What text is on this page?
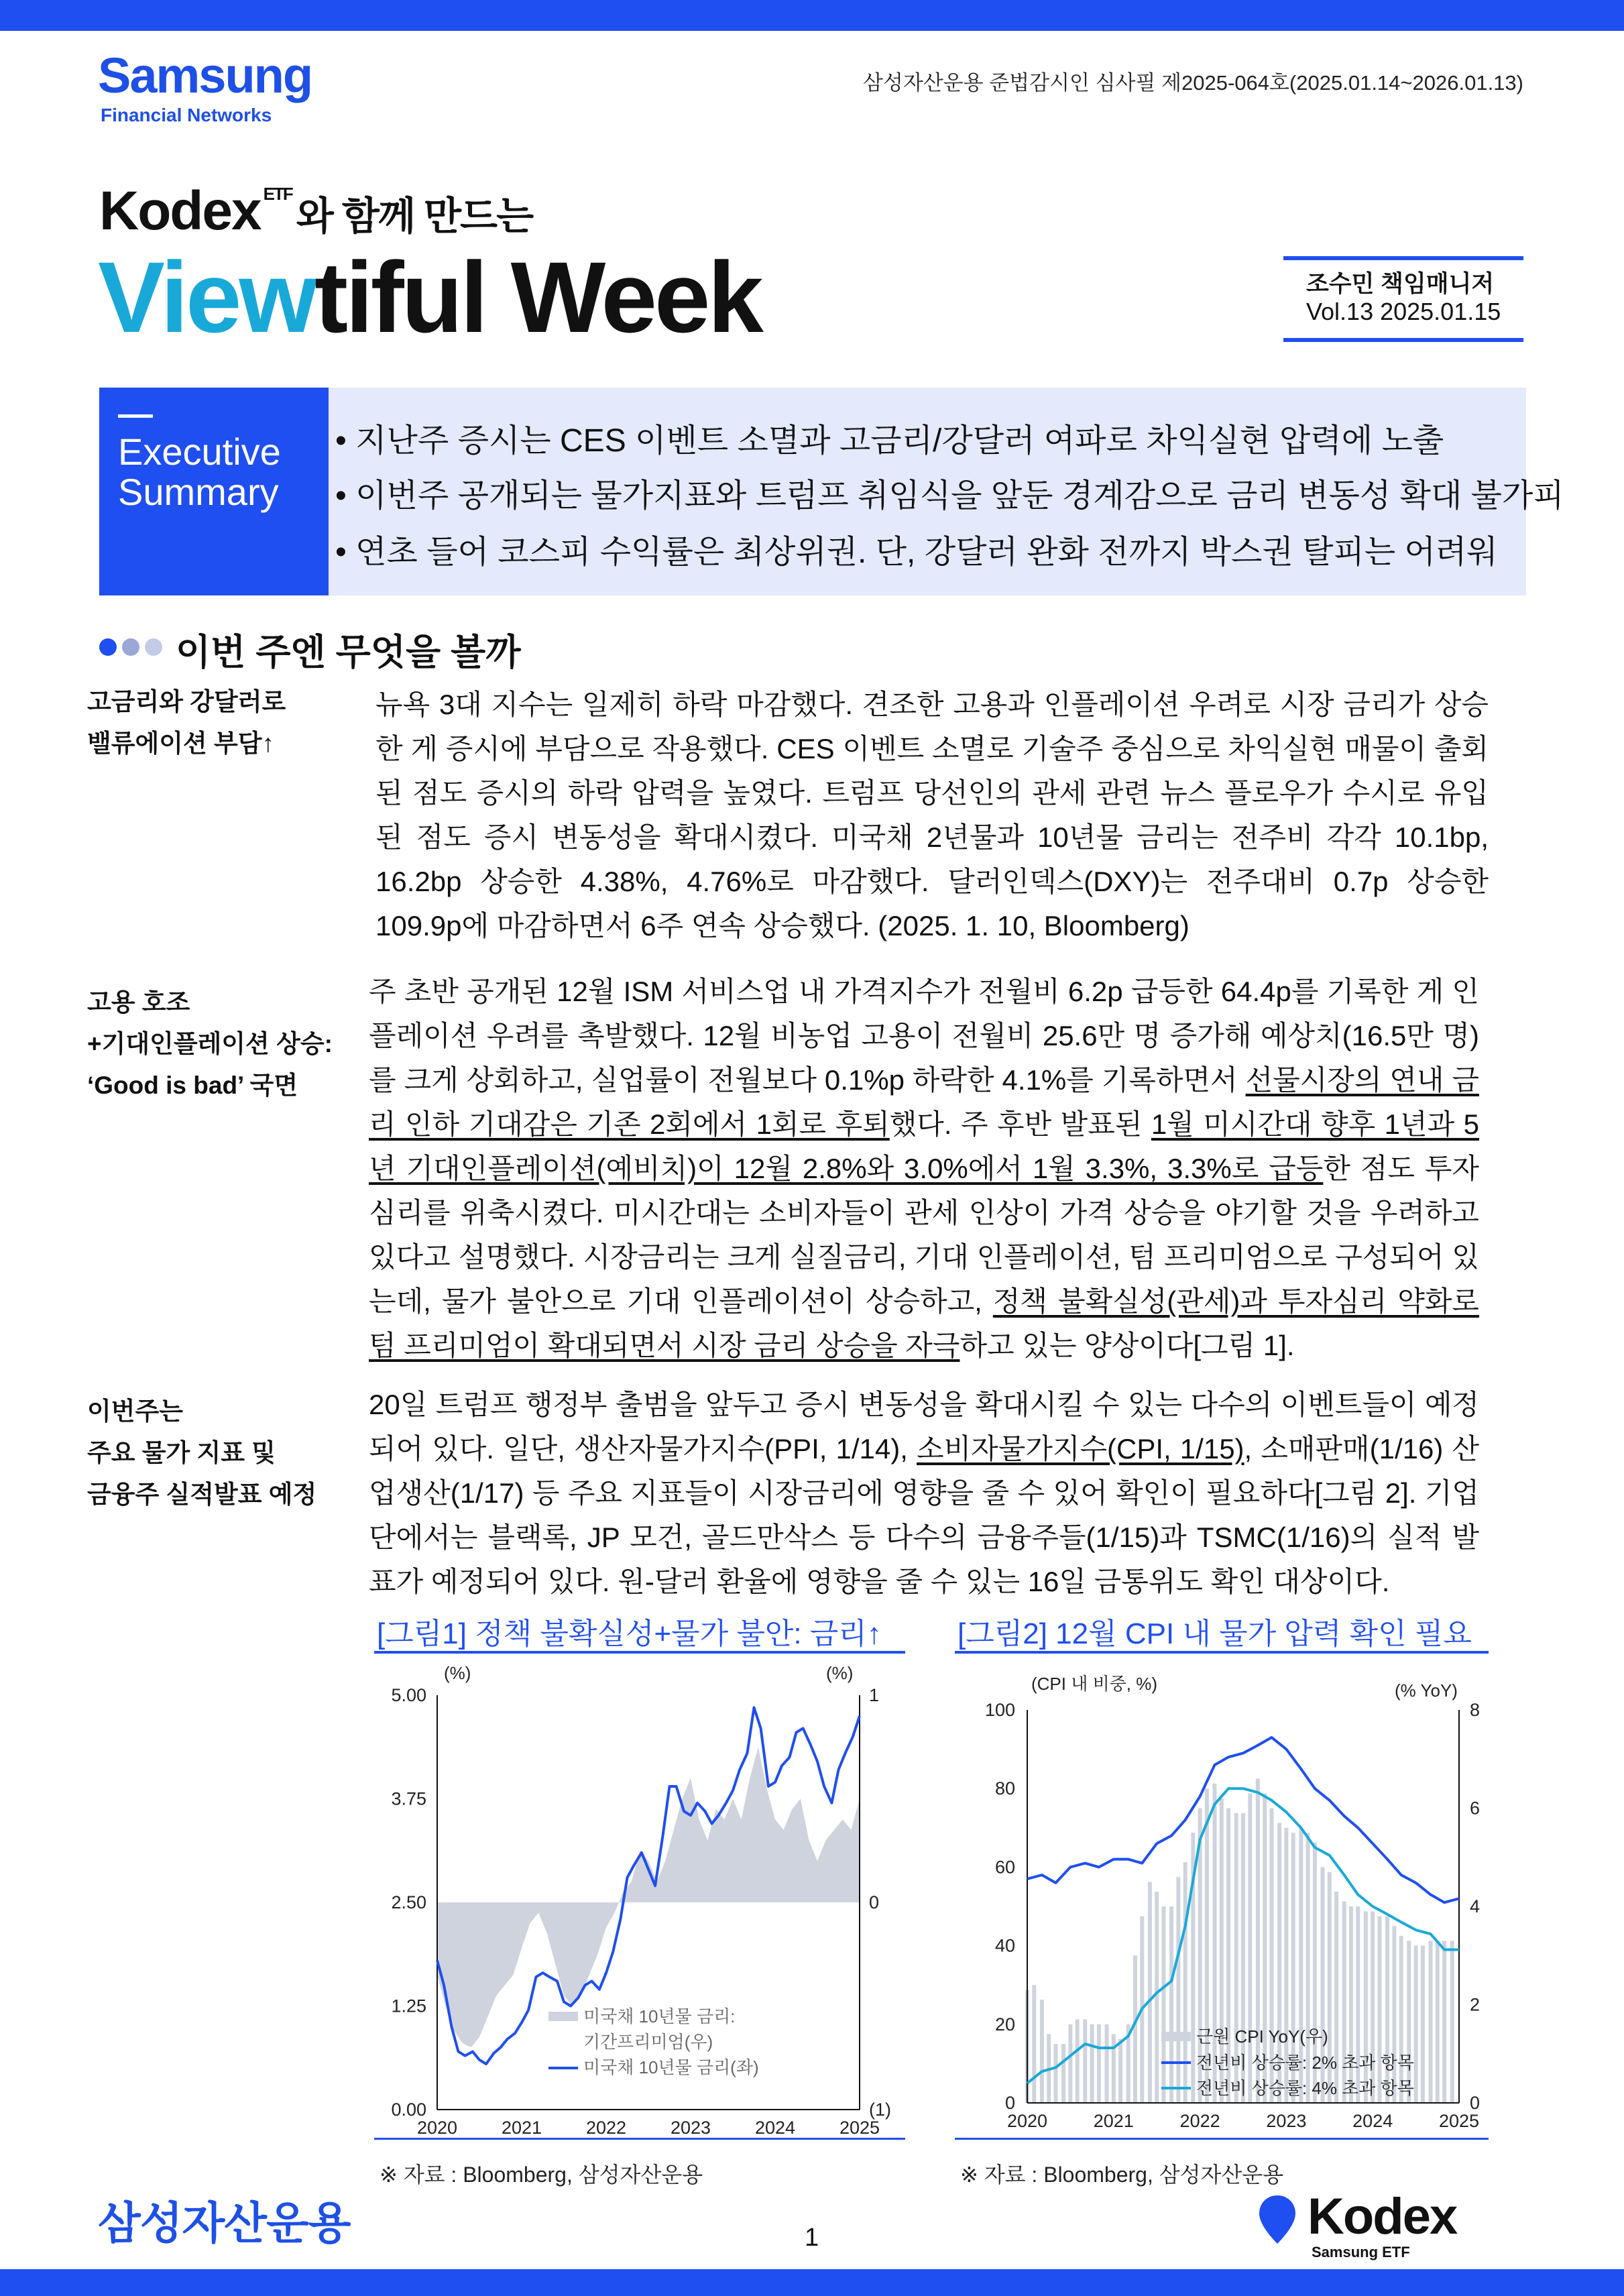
Samsung
Financial Networks
삼성자산운용 준법감시인 심사필 제2025-064호(2025.01.14~2026.01.13)
Kodex $^{ETF}$와 함께 만드는
Viewtiful Week	조수민 책임매니저
Vol.13 2025.01.15
Executive
Summary
• 지난주 증시는 CES 이벤트 소멸과 고금리/강달러 여파로 차익실현 압력에 노출
• 이번주 공개되는 물가지표와 트럼프 취임식을 앞둔 경계감으로 금리 변동성 확대 불가피
• 연초 들어 코스피 수익률은 최상위권. 단, 강달러 완화 전까지 박스권 탈피는 어려워
이번 주엔 무엇을 볼까
고금리와 강달러로
밸류에이션 부담↑
뉴욕 3대 지수는 일제히 하락 마감했다. 견조한 고용과 인플레이션 우려로 시장 금리가 상승한 게 증시에 부담으로 작용했다. CES 이벤트 소멸로 기술주 중심으로 차익실현 매물이 출회된 점도 증시의 하락 압력을 높였다. 트럼프 당선인의 관세 관련 뉴스 플로우가 수시로 유입된 점도 증시 변동성을 확대시켰다. 미국채 2년물과 10년물 금리는 전주비 각각 10.1bp, 16.2bp 상승한 4.38%, 4.76%로 마감했다. 달러인덱스(DXY)는 전주대비 0.7p 상승한 109.9p에 마감하면서 6주 연속 상승했다. (2025. 1. 10, Bloomberg)
고용 호조
+기대인플레이션 상승:
‘Good is bad’ 국면
주 초반 공개된 12월 ISM 서비스업 내 가격지수가 전월비 6.2p 급등한 64.4p를 기록한 게 인플레이션 우려를 촉발했다. 12월 비농업 고용이 전월비 25.6만 명 증가해 예상치(16.5만 명)를 크게 상회하고, 실업률이 전월보다 0.1%p 하락한 4.1%를 기록하면서 선물시장의 연내 금리 인하 기대감은 기존 2회에서 1회로 후퇴했다. 주 후반 발표된 1월 미시간대 향후 1년과 5년 기대인플레이션(예비치)이 12월 2.8%와 3.0%에서 1월 3.3%, 3.3%로 급등한 점도 투자심리를 위축시켰다. 미시간대는 소비자들이 관세 인상이 가격 상승을 야기할 것을 우려하고 있다고 설명했다. 시장금리는 크게 실질금리, 기대 인플레이션, 텀 프리미엄으로 구성되어 있는데, 물가 불안으로 기대 인플레이션이 상승하고, 정책 불확실성(관세)과 투자심리 약화로 텀 프리미엄이 확대되면서 시장 금리 상승을 자극하고 있는 양상이다[그림 1].
이번주는
주요 물가 지표 및
금융주 실적발표 예정
20일 트럼프 행정부 출범을 앞두고 증시 변동성을 확대시킬 수 있는 다수의 이벤트들이 예정되어 있다. 일단, 생산자물가지수(PPI, 1/14), 소비자물가지수(CPI, 1/15), 소매판매(1/16) 산업생산(1/17) 등 주요 지표들이 시장금리에 영향을 줄 수 있어 확인이 필요하다[그림 2]. 기업단에서는 블랙록, JP 모건, 골드만삭스 등 다수의 금융주들(1/15)과 TSMC(1/16)의 실적 발표가 예정되어 있다. 원-달러 환율에 영향을 줄 수 있는 16일 금통위도 확인 대상이다.
[그림1] 정책 불확실성+물가 불안: 금리↑	[그림2] 12월 CPI 내 물가 압력 확인 필요
(%)	(%)
5.00
3.75
2.50
1.25
0.00
1
0
(1)
2020 2021 2022 2023 2024 2025
미국채 10년물 금리:
기간프리미엄(우)
미국채 10년물 금리(좌)
※ 자료 : Bloomberg, 삼성자산운용
(CPI 내 비중, %)	(% YoY)
100
80
60
40
20
0
8
6
4
2
0
2020	2021	2022	2023	2024	2025
근원 CPI YoY(우)
전년비 상승률: 2% 초과 항목
전년비 상승률: 4% 초과 항목
※ 자료 : Bloomberg, 삼성자산운용
삼성자산운용	1	Kodex
Samsung ETF
